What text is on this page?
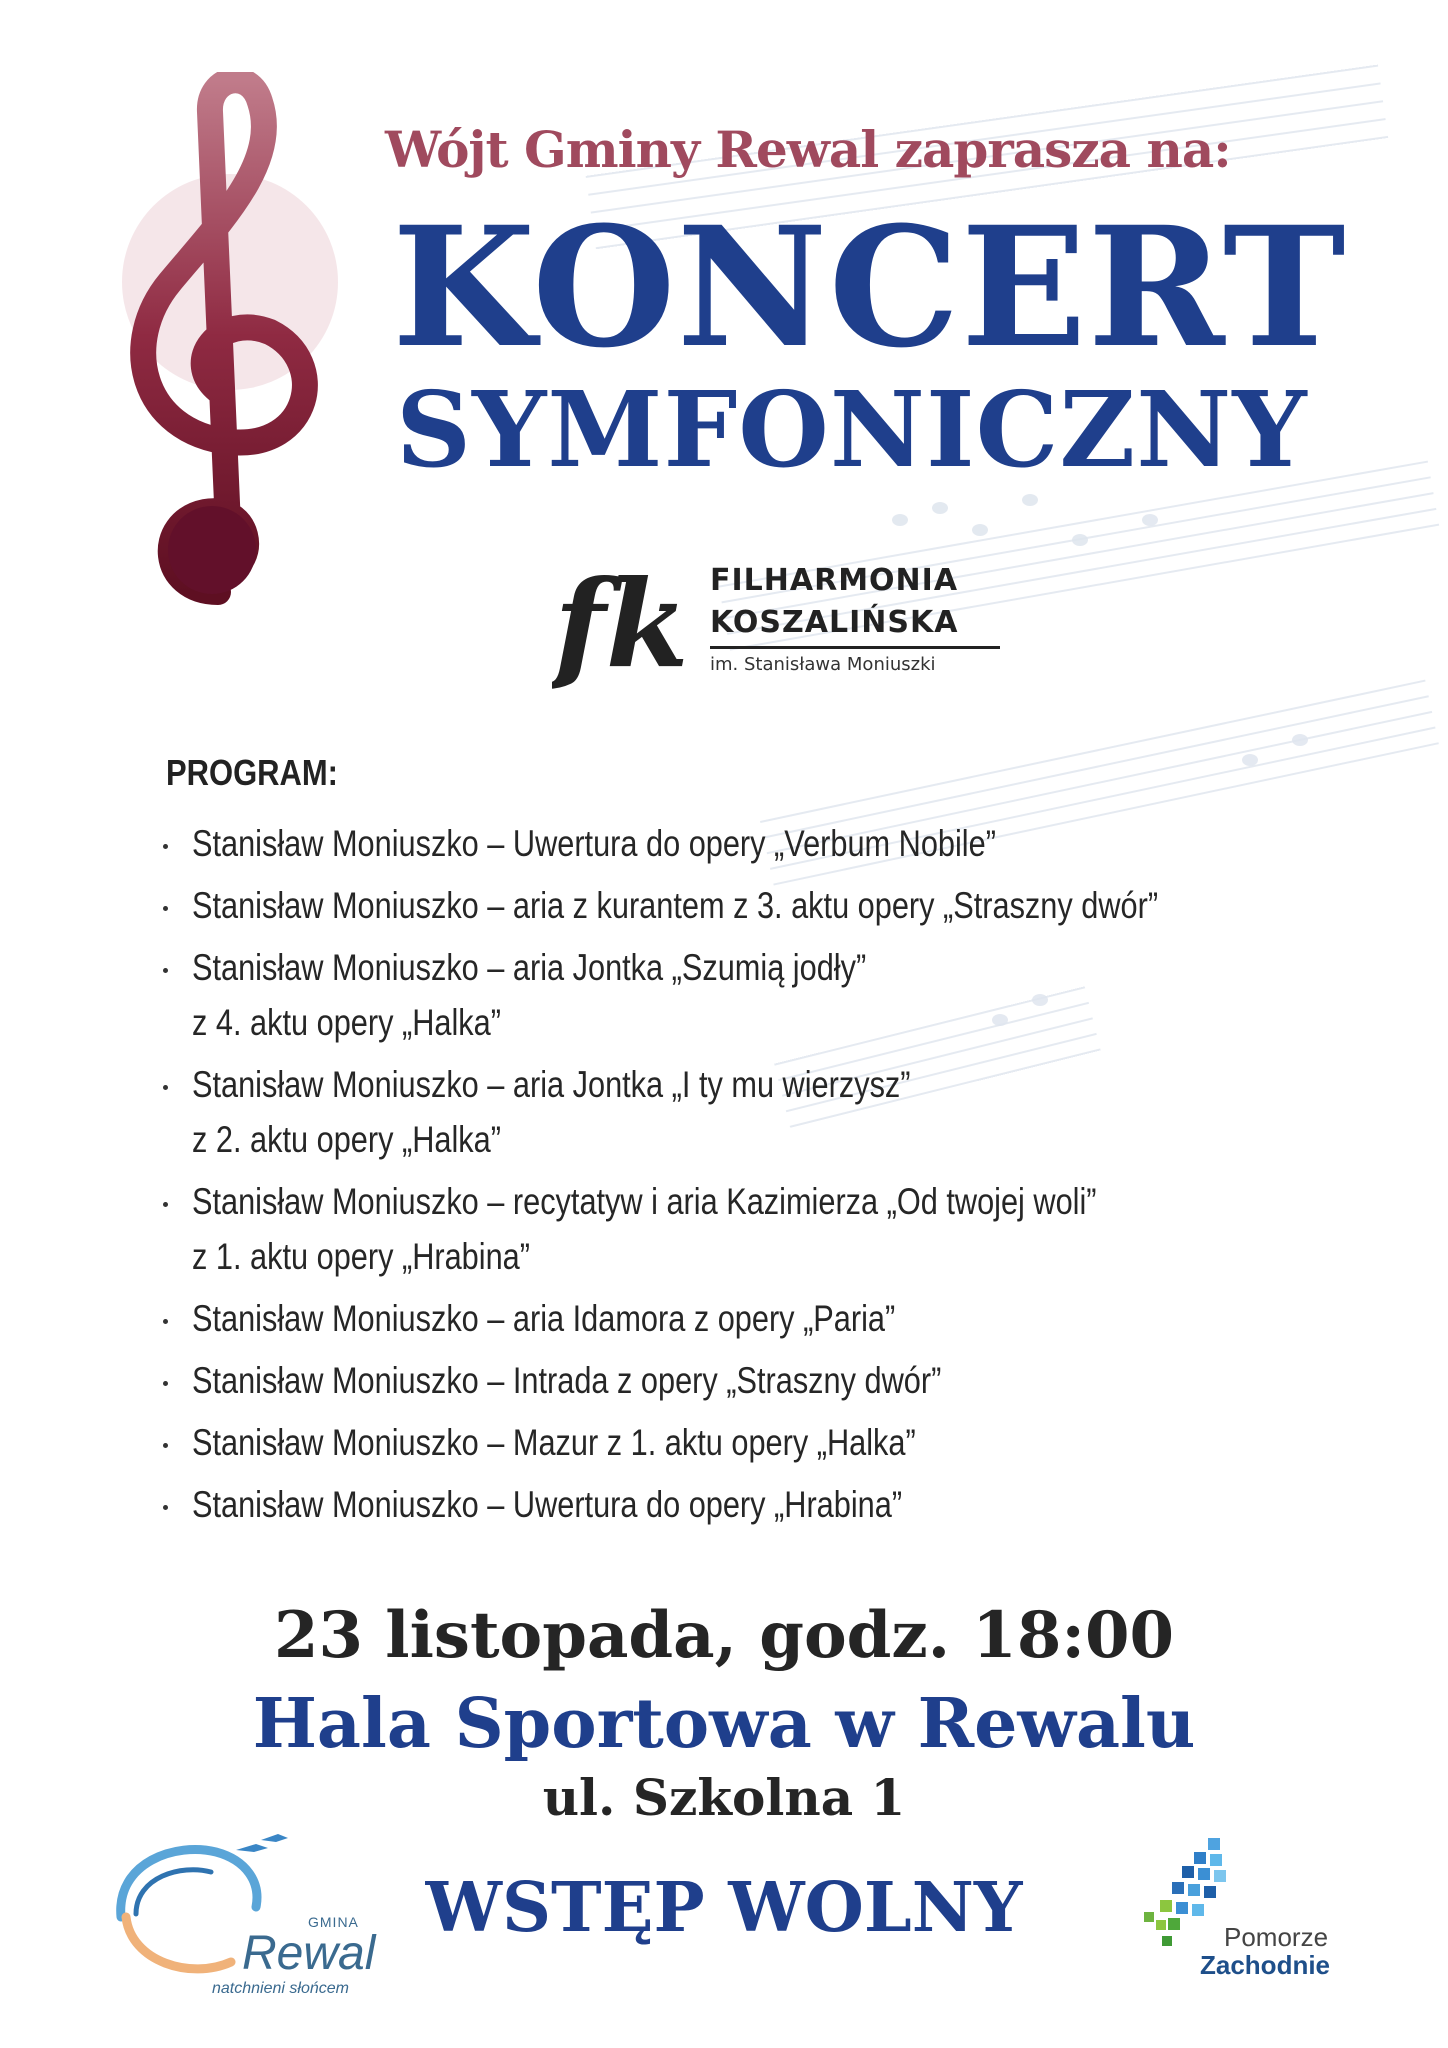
Wójt Gminy Rewal zaprasza na:
KONCERT
SYMFONICZNY
fk FILHARMONIA
KOSZALIŃSKA
im. Stanisława Moniuszki
PROGRAM:
Stanisław Moniuszko – Uwertura do opery „Verbum Nobile”
Stanisław Moniuszko – aria z kurantem z 3. aktu opery „Straszny dwór”
Stanisław Moniuszko – aria Jontka „Szumią jodły”
z 4. aktu opery „Halka”
Stanisław Moniuszko – aria Jontka „I ty mu wierzysz”
z 2. aktu opery „Halka”
Stanisław Moniuszko – recytatyw i aria Kazimierza „Od twojej woli”
z 1. aktu opery „Hrabina”
Stanisław Moniuszko – aria Idamora z opery „Paria”
Stanisław Moniuszko – Intrada z opery „Straszny dwór”
Stanisław Moniuszko – Mazur z 1. aktu opery „Halka”
Stanisław Moniuszko – Uwertura do opery „Hrabina”
23 listopada, godz. 18:00
Hala Sportowa w Rewalu
ul. Szkolna 1
WSTĘP WOLNY
GMINA
Rewal
natchnieni słońcem
Pomorze
Zachodnie
